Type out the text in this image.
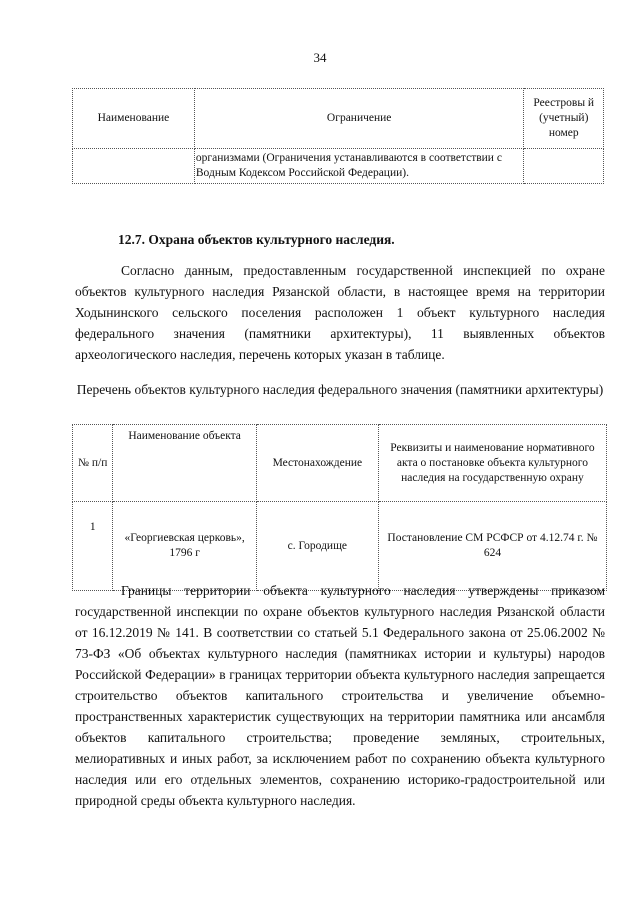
34
Наименование	Ограничение	Реестровы й (учетный) номер
	организмами (Ограничения устанавливаются в соответствии с Водным Кодексом Российской Федерации).	
12.7. Охрана объектов культурного наследия.

Согласно данным, предоставленным государственной инспекцией по охране объектов культурного наследия Рязанской области, в настоящее время на территории Ходынинского сельского поселения расположен 1 объект культурного наследия федерального значения (памятники архитектуры), 11 выявленных объектов археологического наследия, перечень которых указан в таблице.

Перечень объектов культурного наследия федерального значения (памятники архитектуры)
№ п/п	Наименование объекта	Местонахождение	Реквизиты и наименование нормативного акта о постановке объекта культурного наследия на государственную охрану
1	«Георгиевская церковь», 1796 г	с. Городище	Постановление СМ РСФСР от 4.12.74 г. № 624

Границы территории объекта культурного наследия утверждены приказом государственной инспекции по охране объектов культурного наследия Рязанской области от 16.12.2019 № 141. В соответствии со статьей 5.1 Федерального закона от 25.06.2002 № 73-ФЗ «Об объектах культурного наследия (памятниках истории и культуры) народов Российской Федерации» в границах территории объекта культурного наследия запрещается строительство объектов капитального строительства и увеличение объемно-пространственных характеристик существующих на территории памятника или ансамбля объектов капитального строительства; проведение земляных, строительных, мелиоративных и иных работ, за исключением работ по сохранению объекта культурного наследия или его отдельных элементов, сохранению историко-градостроительной или природной среды объекта культурного наследия.
